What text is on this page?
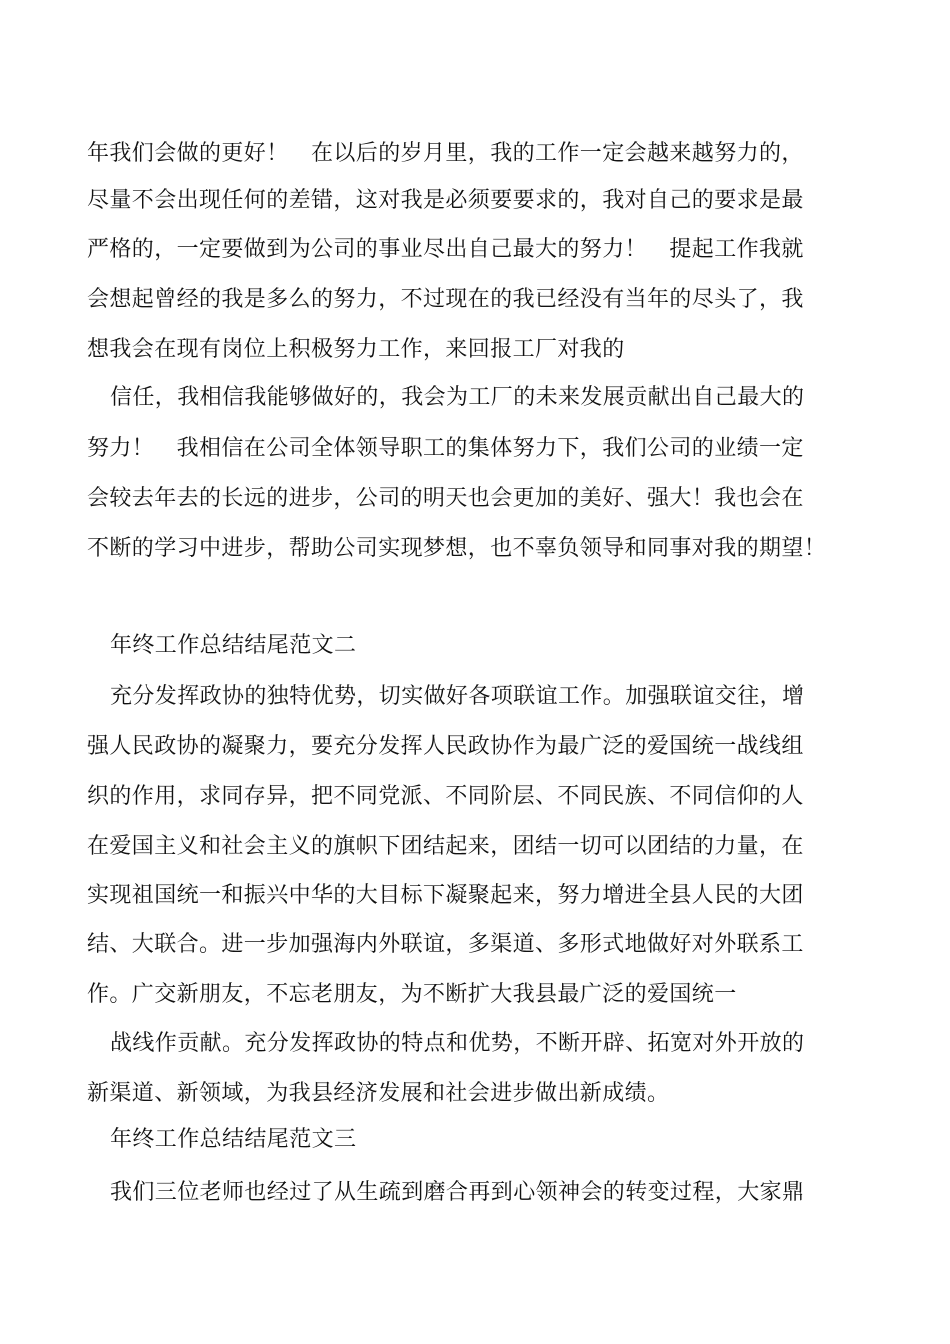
年我们会做的更好！　在以后的岁月里，我的工作一定会越来越努力的，
尽量不会出现任何的差错，这对我是必须要要求的，我对自己的要求是最
严格的，一定要做到为公司的事业尽出自己最大的努力！　提起工作我就
会想起曾经的我是多么的努力，不过现在的我已经没有当年的尽头了，我
想我会在现有岗位上积极努力工作，来回报工厂对我的
信任，我相信我能够做好的，我会为工厂的未来发展贡献出自己最大的
努力！　我相信在公司全体领导职工的集体努力下，我们公司的业绩一定
会较去年去的长远的进步，公司的明天也会更加的美好、强大！我也会在
不断的学习中进步，帮助公司实现梦想，也不辜负领导和同事对我的期望！
年终工作总结结尾范文二
充分发挥政协的独特优势，切实做好各项联谊工作。加强联谊交往，增
强人民政协的凝聚力，要充分发挥人民政协作为最广泛的爱国统一战线组
织的作用，求同存异，把不同党派、不同阶层、不同民族、不同信仰的人
在爱国主义和社会主义的旗帜下团结起来，团结一切可以团结的力量，在
实现祖国统一和振兴中华的大目标下凝聚起来，努力增进全县人民的大团
结、大联合。进一步加强海内外联谊，多渠道、多形式地做好对外联系工
作。广交新朋友，不忘老朋友，为不断扩大我县最广泛的爱国统一
战线作贡献。充分发挥政协的特点和优势，不断开辟、拓宽对外开放的
新渠道、新领域，为我县经济发展和社会进步做出新成绩。
年终工作总结结尾范文三
我们三位老师也经过了从生疏到磨合再到心领神会的转变过程，大家鼎
